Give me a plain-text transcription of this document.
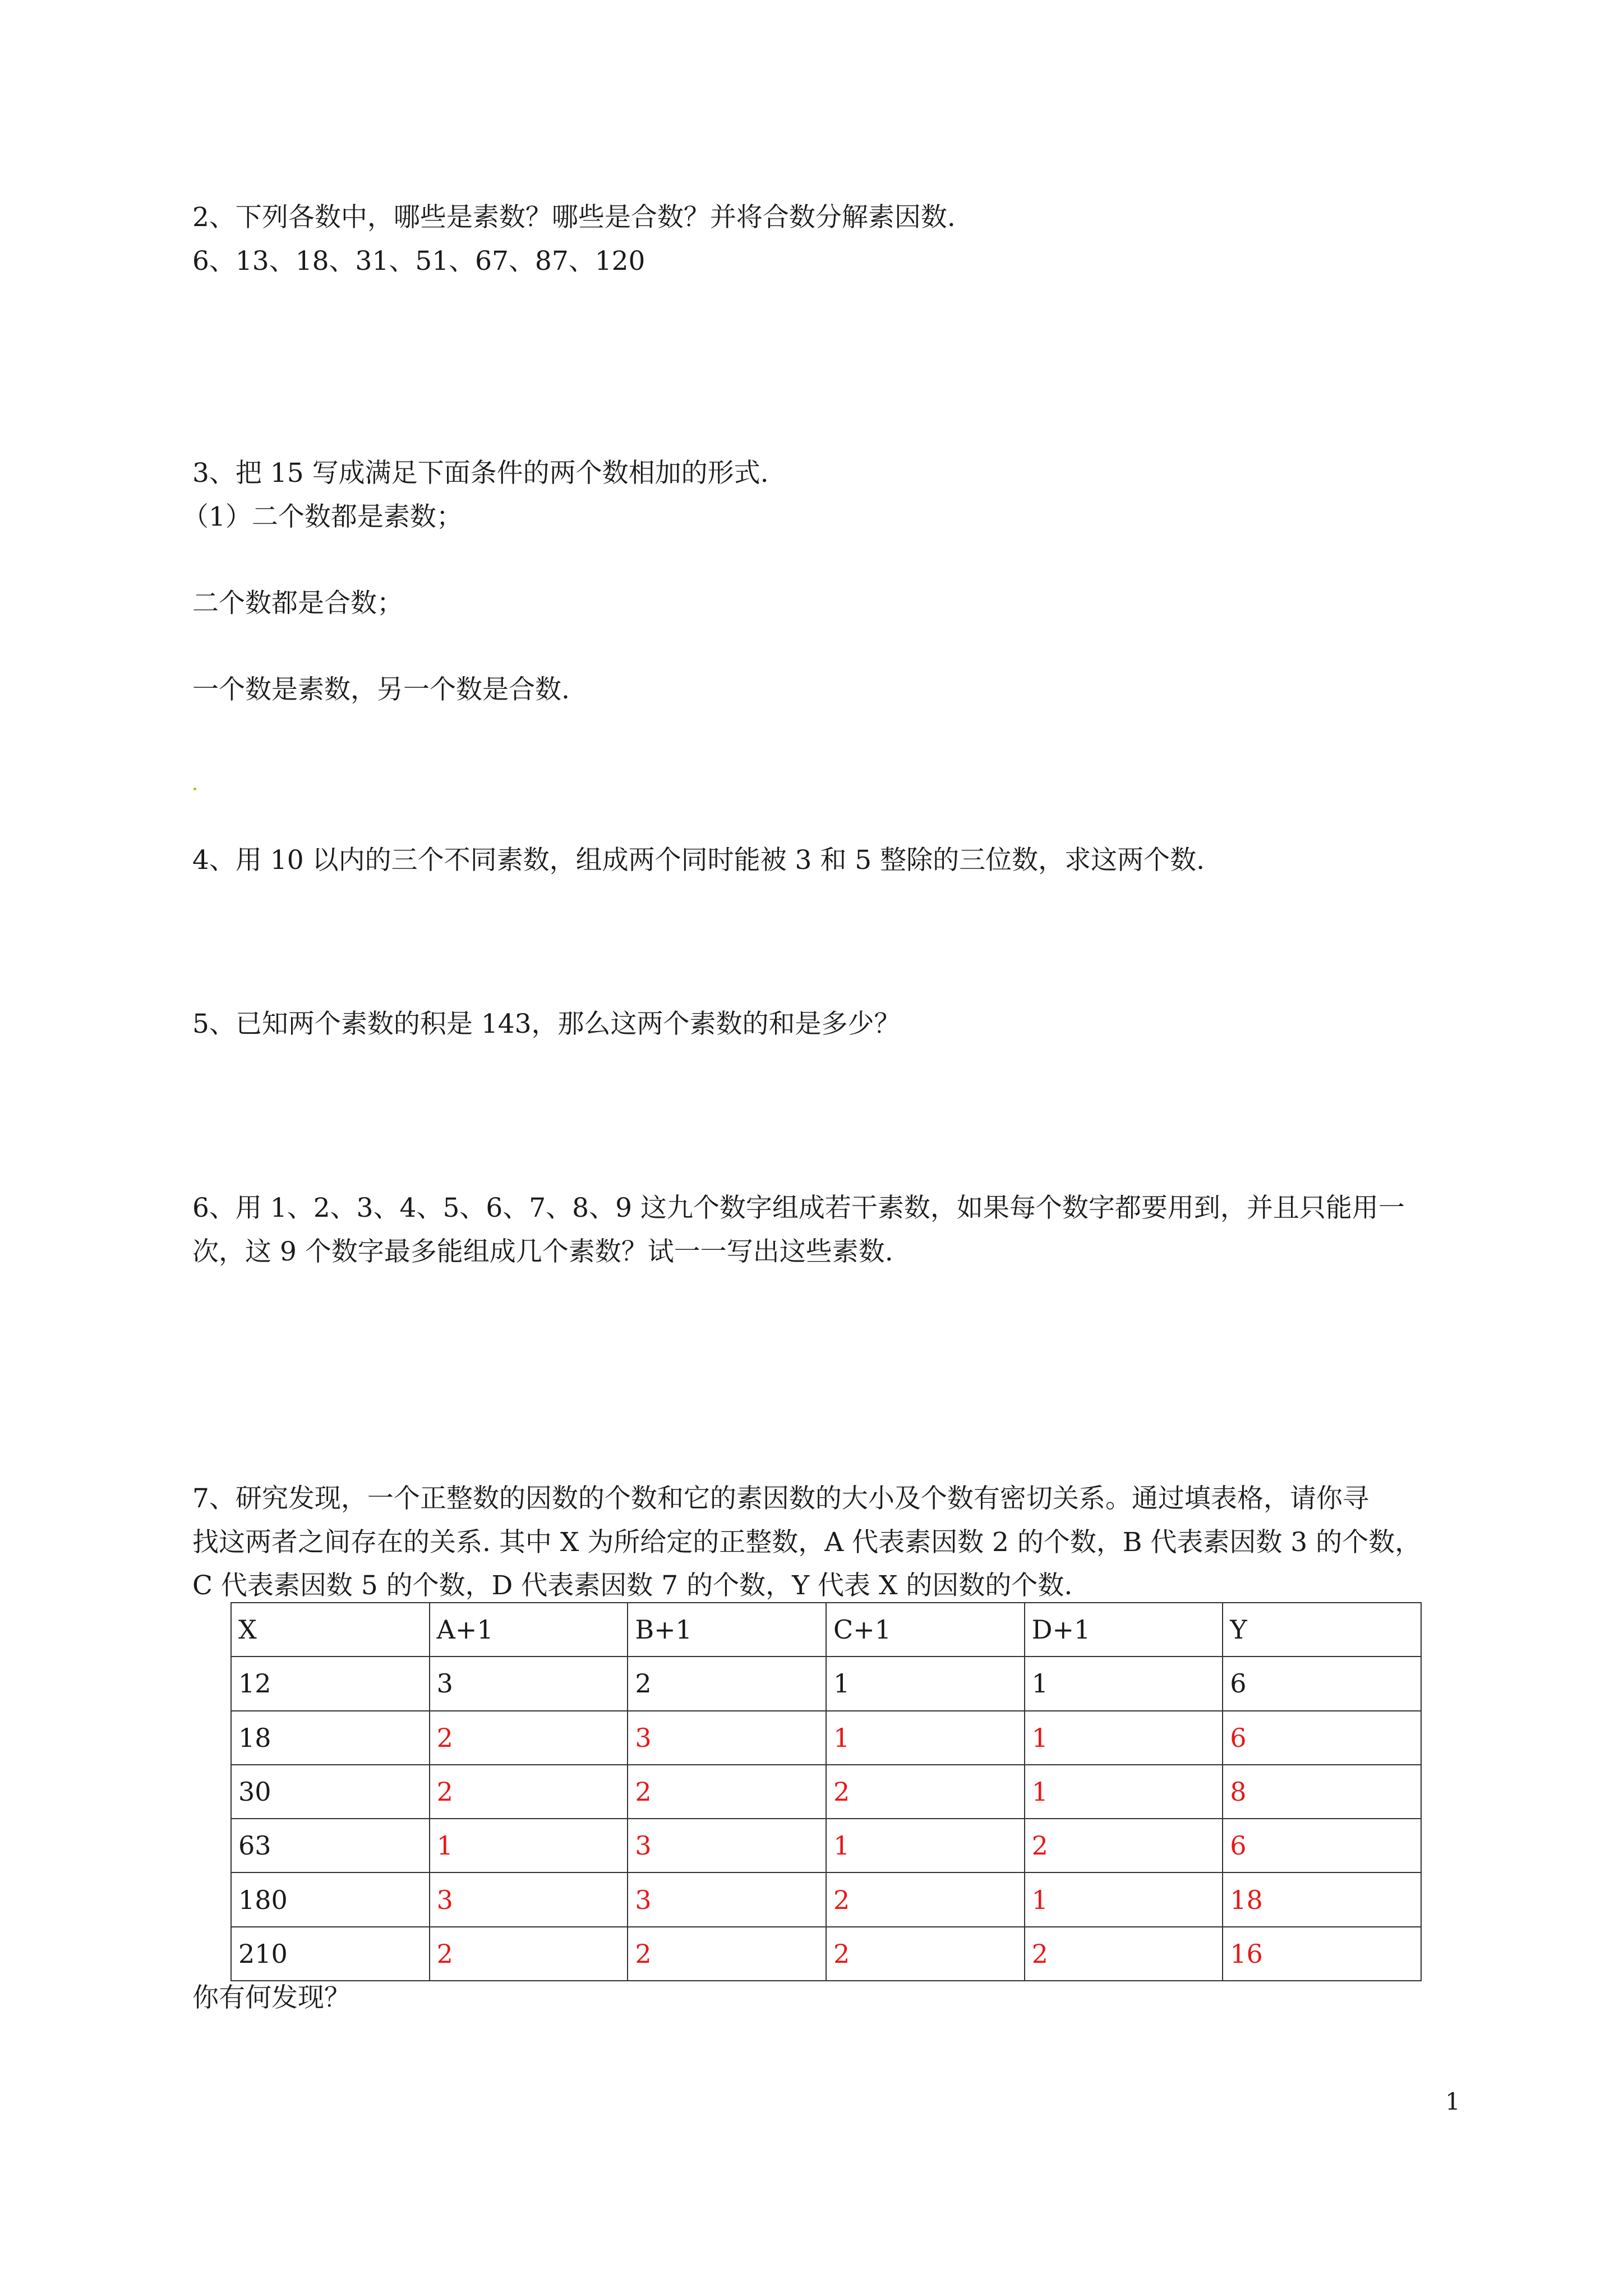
2、下列各数中，哪些是素数？哪些是合数？并将合数分解素因数.
6、13、18、31、51、67、87、120
3、把 15 写成满足下面条件的两个数相加的形式.
（1）二个数都是素数；
二个数都是合数；
一个数是素数，另一个数是合数.
4、用 10 以内的三个不同素数，组成两个同时能被 3 和 5 整除的三位数，求这两个数.
5、已知两个素数的积是 143，那么这两个素数的和是多少？
6、用 1、2、3、4、5、6、7、8、9 这九个数字组成若干素数，如果每个数字都要用到，并且只能用一
次，这 9 个数字最多能组成几个素数？试一一写出这些素数.
7、研究发现，一个正整数的因数的个数和它的素因数的大小及个数有密切关系。通过填表格，请你寻
找这两者之间存在的关系. 其中 X 为所给定的正整数，A 代表素因数 2 的个数，B 代表素因数 3 的个数，
C 代表素因数 5 的个数，D 代表素因数 7 的个数，Y 代表 X 的因数的个数.
X	A+1	B+1	C+1	D+1	Y
12	3	2	1	1	6
18	2	3	1	1	6
30	2	2	2	1	8
63	1	3	1	2	6
180	3	3	2	1	18
210	2	2	2	2	16
你有何发现？
1
